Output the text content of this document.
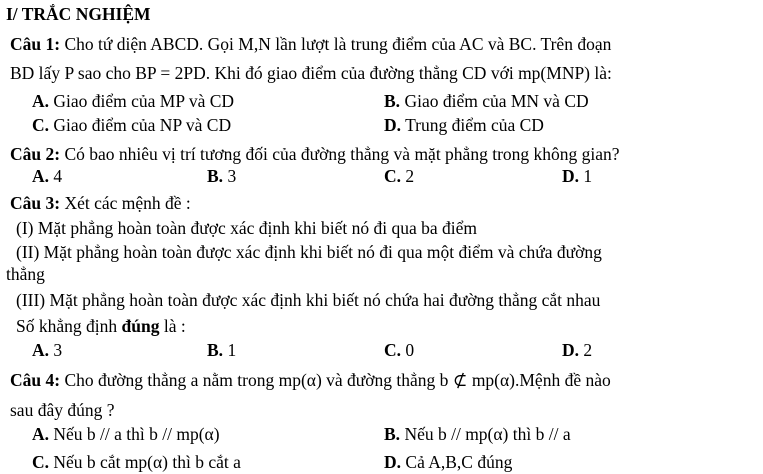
I/ TRẮC NGHIỆM
Câu 1: Cho tứ diện ABCD. Gọi M,N lần lượt là trung điểm của AC và BC. Trên đoạn
BD lấy P sao cho BP = 2PD. Khi đó giao điểm của đường thẳng CD với mp(MNP) là:
A. Giao điểm của MP và CD	B. Giao điểm của MN và CD
C. Giao điểm của NP và CD	D. Trung điểm của CD
Câu 2: Có bao nhiêu vị trí tương đối của đường thẳng và mặt phẳng trong không gian?
A. 4	B. 3	C. 2	D. 1
Câu 3: Xét các mệnh đề :
(I) Mặt phẳng hoàn toàn được xác định khi biết nó đi qua ba điểm
(II) Mặt phẳng hoàn toàn được xác định khi biết nó đi qua một điểm và chứa đường
thẳng
(III) Mặt phẳng hoàn toàn được xác định khi biết nó chứa hai đường thẳng cắt nhau
Số khẳng định đúng là :
A. 3	B. 1	C. 0	D. 2
Câu 4: Cho đường thẳng a nằm trong mp(α) và đường thẳng b ⊄ mp(α).Mệnh đề nào
sau đây đúng ?
A. Nếu b // a thì b // mp(α)	B. Nếu b // mp(α) thì b // a
C. Nếu b cắt mp(α) thì b cắt a	D. Cả A,B,C đúng
